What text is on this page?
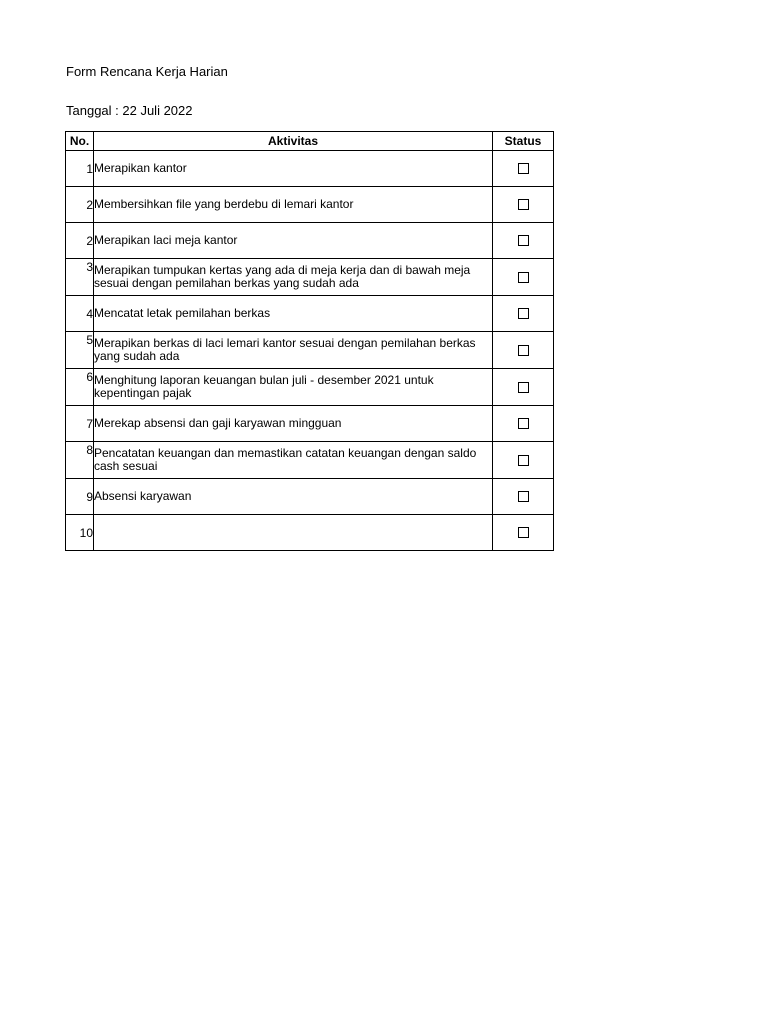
Form Rencana Kerja Harian
Tanggal : 22 Juli 2022
No.	Aktivitas	Status
1	Merapikan kantor	
2	Membersihkan file yang berdebu di lemari kantor	
2	Merapikan laci meja kantor	
3	Merapikan tumpukan kertas yang ada di meja kerja dan di bawah meja sesuai dengan pemilahan berkas yang sudah ada	
4	Mencatat letak pemilahan berkas	
5	Merapikan berkas di laci lemari kantor sesuai dengan pemilahan berkas yang sudah ada	
6	Menghitung laporan keuangan bulan juli - desember 2021 untuk kepentingan pajak	
7	Merekap absensi dan gaji karyawan mingguan	
8	Pencatatan keuangan dan memastikan catatan keuangan dengan saldo cash sesuai	
9	Absensi karyawan	
10		
